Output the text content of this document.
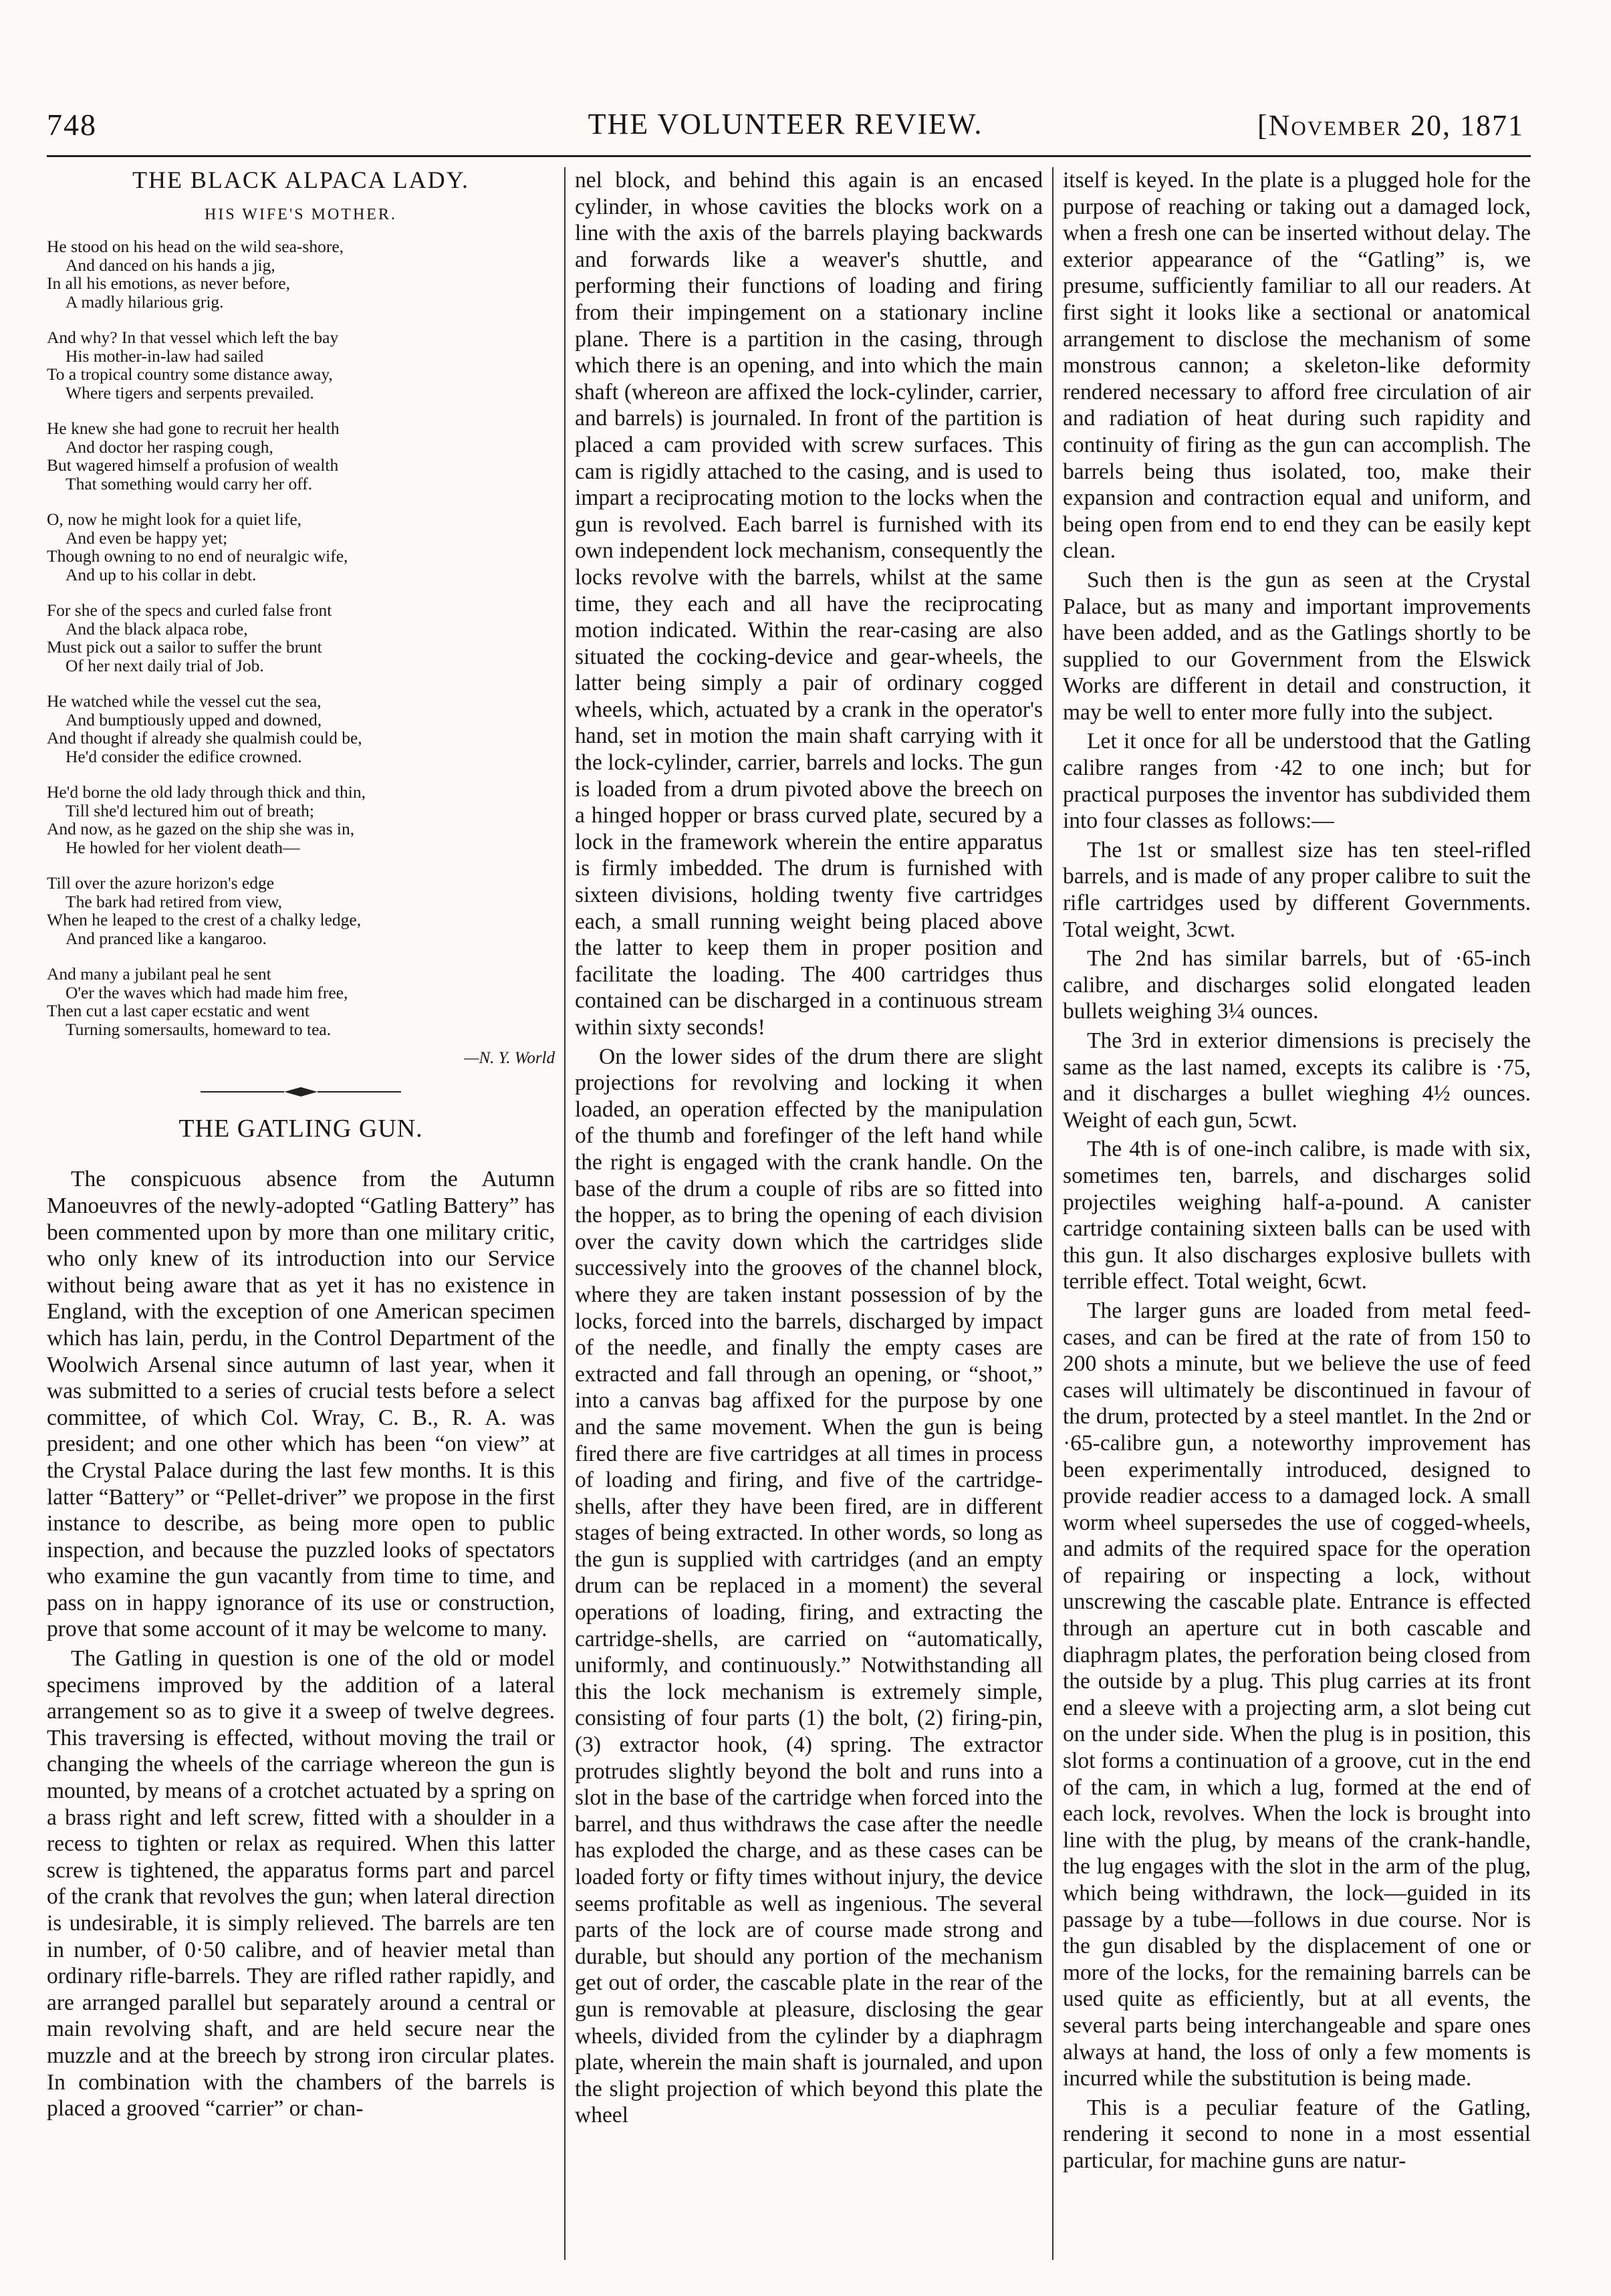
748	THE VOLUNTEER REVIEW.	[November 20, 1871
THE BLACK ALPACA LADY.
HIS WIFE'S MOTHER.
He stood on his head on the wild sea-shore,
And danced on his hands a jig,
In all his emotions, as never before,
A madly hilarious grig.
And why? In that vessel which left the bay
His mother-in-law had sailed
To a tropical country some distance away,
Where tigers and serpents prevailed.
He knew she had gone to recruit her health
And doctor her rasping cough,
But wagered himself a profusion of wealth
That something would carry her off.
O, now he might look for a quiet life,
And even be happy yet;
Though owning to no end of neuralgic wife,
And up to his collar in debt.
For she of the specs and curled false front
And the black alpaca robe,
Must pick out a sailor to suffer the brunt
Of her next daily trial of Job.
He watched while the vessel cut the sea,
And bumptiously upped and downed,
And thought if already she qualmish could be,
He'd consider the edifice crowned.
He'd borne the old lady through thick and thin,
Till she'd lectured him out of breath;
And now, as he gazed on the ship she was in,
He howled for her violent death—
Till over the azure horizon's edge
The bark had retired from view,
When he leaped to the crest of a chalky ledge,
And pranced like a kangaroo.
And many a jubilant peal he sent
O'er the waves which had made him free,
Then cut a last caper ecstatic and went
Turning somersaults, homeward to tea.
—N. Y. World
THE GATLING GUN.

The conspicuous absence from the Autumn Manoeuvres of the newly-adopted “Gatling Battery” has been commented upon by more than one military critic, who only knew of its introduction into our Service without being aware that as yet it has no existence in England, with the exception of one American specimen which has lain, perdu, in the Control Department of the Woolwich Arsenal since autumn of last year, when it was submitted to a series of crucial tests before a select committee, of which Col. Wray, C. B., R. A. was president; and one other which has been “on view” at the Crystal Palace during the last few months. It is this latter “Battery” or “Pellet-driver” we propose in the first instance to describe, as being more open to public inspection, and because the puzzled looks of spectators who examine the gun vacantly from time to time, and pass on in happy ignorance of its use or construction, prove that some account of it may be welcome to many.

The Gatling in question is one of the old or model specimens improved by the addition of a lateral arrangement so as to give it a sweep of twelve degrees. This traversing is effected, without moving the trail or changing the wheels of the carriage whereon the gun is mounted, by means of a crotchet actuated by a spring on a brass right and left screw, fitted with a shoulder in a recess to tighten or relax as required. When this latter screw is tightened, the apparatus forms part and parcel of the crank that revolves the gun; when lateral direction is undesirable, it is simply relieved. The barrels are ten in number, of 0·50 calibre, and of heavier metal than ordinary rifle-barrels. They are rifled rather rapidly, and are arranged parallel but separately around a central or main revolving shaft, and are held secure near the muzzle and at the breech by strong iron circular plates. In combination with the chambers of the barrels is placed a grooved “carrier” or chan-

nel block, and behind this again is an encased cylinder, in whose cavities the blocks work on a line with the axis of the barrels playing backwards and forwards like a weaver's shuttle, and performing their functions of loading and firing from their impingement on a stationary incline plane. There is a partition in the casing, through which there is an opening, and into which the main shaft (whereon are affixed the lock-cylinder, carrier, and barrels) is journaled. In front of the partition is placed a cam provided with screw surfaces. This cam is rigidly attached to the casing, and is used to impart a reciprocating motion to the locks when the gun is revolved. Each barrel is furnished with its own independent lock mechanism, consequently the locks revolve with the barrels, whilst at the same time, they each and all have the reciprocating motion indicated. Within the rear-casing are also situated the cocking-device and gear-wheels, the latter being simply a pair of ordinary cogged wheels, which, actuated by a crank in the operator's hand, set in motion the main shaft carrying with it the lock-cylinder, carrier, barrels and locks. The gun is loaded from a drum pivoted above the breech on a hinged hopper or brass curved plate, secured by a lock in the framework wherein the entire apparatus is firmly imbedded. The drum is furnished with sixteen divisions, holding twenty five cartridges each, a small running weight being placed above the latter to keep them in proper position and facilitate the loading. The 400 cartridges thus contained can be discharged in a continuous stream within sixty seconds!

On the lower sides of the drum there are slight projections for revolving and locking it when loaded, an operation effected by the manipulation of the thumb and forefinger of the left hand while the right is engaged with the crank handle. On the base of the drum a couple of ribs are so fitted into the hopper, as to bring the opening of each division over the cavity down which the cartridges slide successively into the grooves of the channel block, where they are taken instant possession of by the locks, forced into the barrels, discharged by impact of the needle, and finally the empty cases are extracted and fall through an opening, or “shoot,” into a canvas bag affixed for the purpose by one and the same movement. When the gun is being fired there are five cartridges at all times in process of loading and firing, and five of the cartridge-shells, after they have been fired, are in different stages of being extracted. In other words, so long as the gun is supplied with cartridges (and an empty drum can be replaced in a moment) the several operations of loading, firing, and extracting the cartridge-shells, are carried on “automatically, uniformly, and continuously.” Notwithstanding all this the lock mechanism is extremely simple, consisting of four parts (1) the bolt, (2) firing-pin, (3) extractor hook, (4) spring. The extractor protrudes slightly beyond the bolt and runs into a slot in the base of the cartridge when forced into the barrel, and thus withdraws the case after the needle has exploded the charge, and as these cases can be loaded forty or fifty times without injury, the device seems profitable as well as ingenious. The several parts of the lock are of course made strong and durable, but should any portion of the mechanism get out of order, the cascable plate in the rear of the gun is removable at pleasure, disclosing the gear wheels, divided from the cylinder by a diaphragm plate, wherein the main shaft is journaled, and upon the slight projection of which beyond this plate the wheel

itself is keyed. In the plate is a plugged hole for the purpose of reaching or taking out a damaged lock, when a fresh one can be inserted without delay. The exterior appearance of the “Gatling” is, we presume, sufficiently familiar to all our readers. At first sight it looks like a sectional or anatomical arrangement to disclose the mechanism of some monstrous cannon; a skeleton-like deformity rendered necessary to afford free circulation of air and radiation of heat during such rapidity and continuity of firing as the gun can accomplish. The barrels being thus isolated, too, make their expansion and contraction equal and uniform, and being open from end to end they can be easily kept clean.

Such then is the gun as seen at the Crystal Palace, but as many and important improvements have been added, and as the Gatlings shortly to be supplied to our Government from the Elswick Works are different in detail and construction, it may be well to enter more fully into the subject.

Let it once for all be understood that the Gatling calibre ranges from ·42 to one inch; but for practical purposes the inventor has subdivided them into four classes as follows:—

The 1st or smallest size has ten steel-rifled barrels, and is made of any proper calibre to suit the rifle cartridges used by different Governments. Total weight, 3cwt.

The 2nd has similar barrels, but of ·65-inch calibre, and discharges solid elongated leaden bullets weighing 3¼ ounces.

The 3rd in exterior dimensions is precisely the same as the last named, excepts its calibre is ·75, and it discharges a bullet wieghing 4½ ounces. Weight of each gun, 5cwt.

The 4th is of one-inch calibre, is made with six, sometimes ten, barrels, and discharges solid projectiles weighing half-a-pound. A canister cartridge containing sixteen balls can be used with this gun. It also discharges explosive bullets with terrible effect. Total weight, 6cwt.

The larger guns are loaded from metal feed-cases, and can be fired at the rate of from 150 to 200 shots a minute, but we believe the use of feed cases will ultimately be discontinued in favour of the drum, protected by a steel mantlet. In the 2nd or ·65-calibre gun, a noteworthy improvement has been experimentally introduced, designed to provide readier access to a damaged lock. A small worm wheel supersedes the use of cogged-wheels, and admits of the required space for the operation of repairing or inspecting a lock, without unscrewing the cascable plate. Entrance is effected through an aperture cut in both cascable and diaphragm plates, the perforation being closed from the outside by a plug. This plug carries at its front end a sleeve with a projecting arm, a slot being cut on the under side. When the plug is in position, this slot forms a continuation of a groove, cut in the end of the cam, in which a lug, formed at the end of each lock, revolves. When the lock is brought into line with the plug, by means of the crank-handle, the lug engages with the slot in the arm of the plug, which being withdrawn, the lock—guided in its passage by a tube—follows in due course. Nor is the gun disabled by the displacement of one or more of the locks, for the remaining barrels can be used quite as efficiently, but at all events, the several parts being interchangeable and spare ones always at hand, the loss of only a few moments is incurred while the substitution is being made.

This is a peculiar feature of the Gatling, rendering it second to none in a most essential particular, for machine guns are natur-
